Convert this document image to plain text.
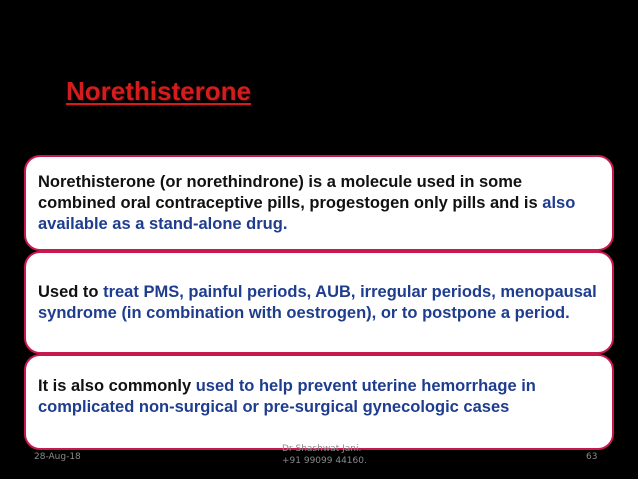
Norethisterone

Norethisterone (or norethindrone) is a molecule used in some combined oral contraceptive pills, progestogen only pills and is also available as a stand-alone drug.

Used to treat PMS, painful periods, AUB, irregular periods, menopausal syndrome (in combination with oestrogen), or to postpone a period.

It is also commonly used to help prevent uterine hemorrhage in complicated non-surgical or pre-surgical gynecologic cases

28-Aug-18
Dr Shashwat Jani.
+91 99099 44160.	63
